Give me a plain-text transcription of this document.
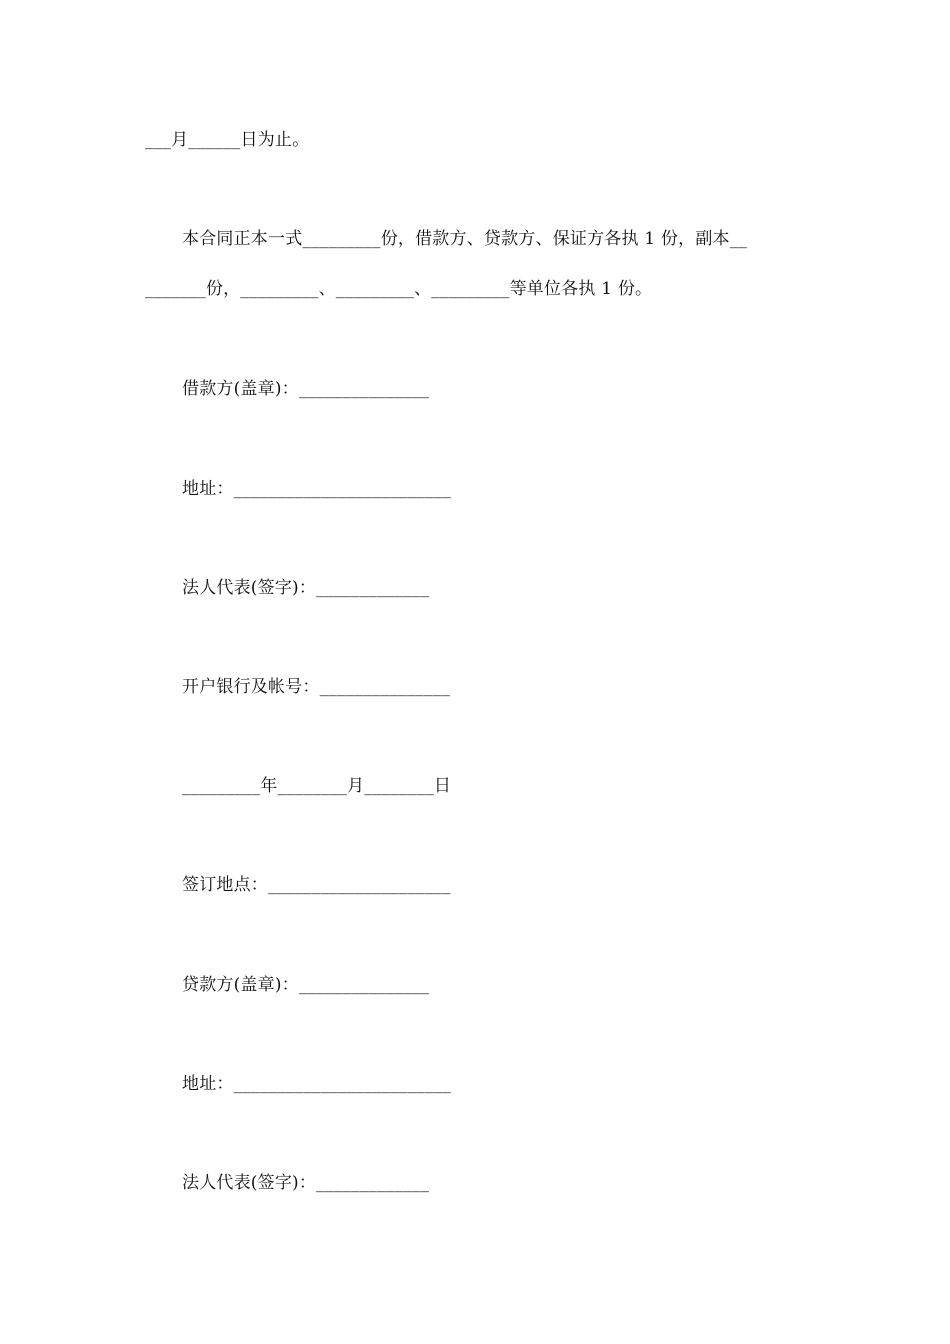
___月______日为止。
本合同正本一式_________份，借款方、贷款方、保证方各执 1 份，副本__
_______份，_________、_________、_________等单位各执 1 份。
借款方(盖章)：_______________
地址：_________________________
法人代表(签字)：_____________
开户银行及帐号：_______________
_________年________月________日
签订地点：_____________________
贷款方(盖章)：_______________
地址：_________________________
法人代表(签字)：_____________
